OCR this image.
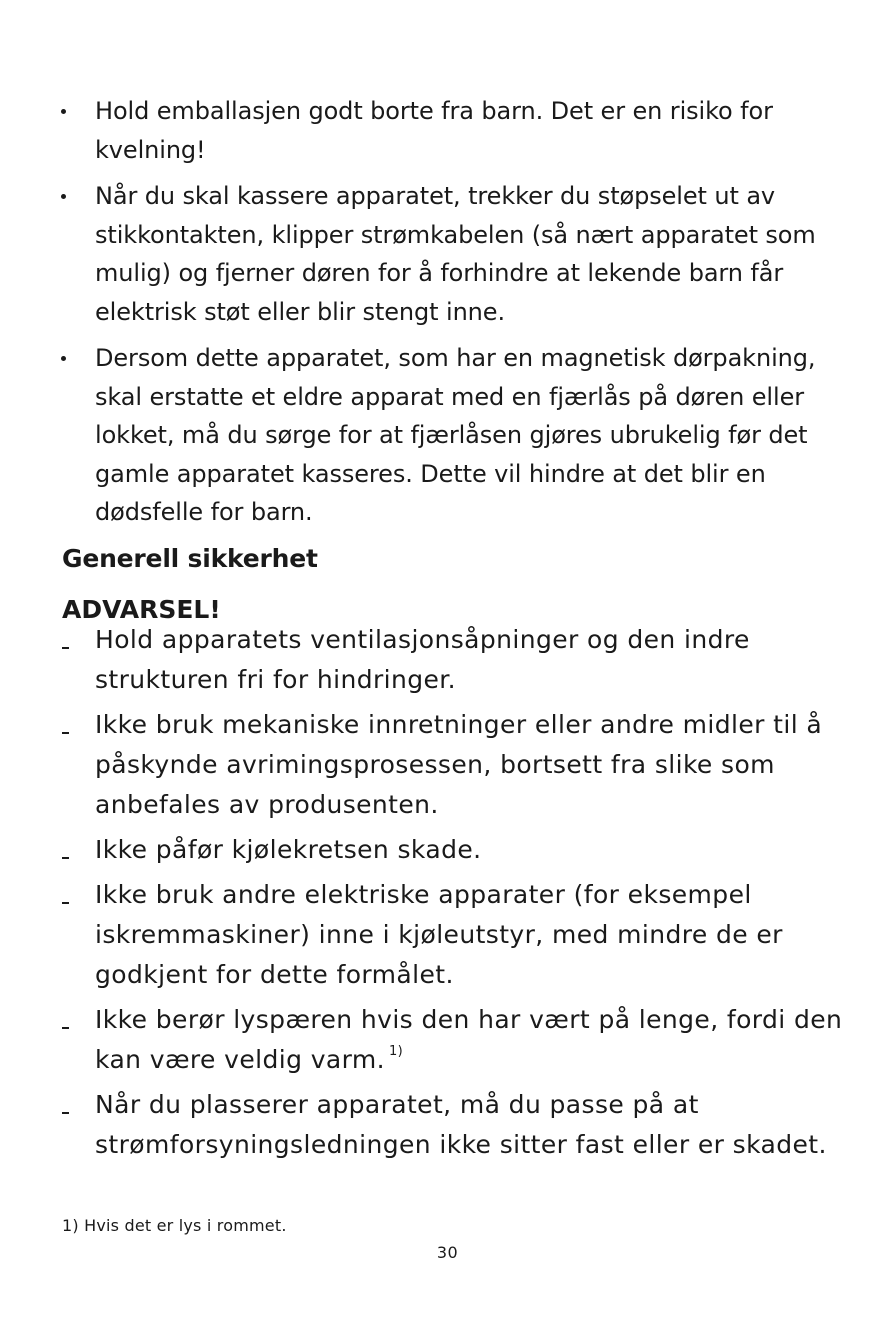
Hold emballasjen godt borte fra barn. Det er en risiko for kvelning!
Når du skal kassere apparatet, trekker du støpselet ut av stikkontakten, klipper strømkabelen (så nært apparatet som mulig) og fjerner døren for å forhindre at lekende barn får elektrisk støt eller blir stengt inne.
Dersom dette apparatet, som har en magnetisk dørpakning, skal erstatte et eldre apparat med en fjærlås på døren eller lokket, må du sørge for at fjærlåsen gjøres ubrukelig før det gamle apparatet kasseres. Dette vil hindre at det blir en dødsfelle for barn.
Generell sikkerhet
ADVARSEL!
Hold apparatets ventilasjonsåpninger og den indre strukturen fri for hindringer.
Ikke bruk mekaniske innretninger eller andre midler til å påskynde avrimingsprosessen, bortsett fra slike som anbefales av produsenten.
Ikke påfør kjølekretsen skade.
Ikke bruk andre elektriske apparater (for eksempel iskremmaskiner) inne i kjøleutstyr, med mindre de er godkjent for dette formålet.
Ikke berør lyspæren hvis den har vært på lenge, fordi den kan være veldig varm. $^{1)}$
Når du plasserer apparatet, må du passe på at strømforsyningsledningen ikke sitter fast eller er skadet.
1) Hvis det er lys i rommet.
30
